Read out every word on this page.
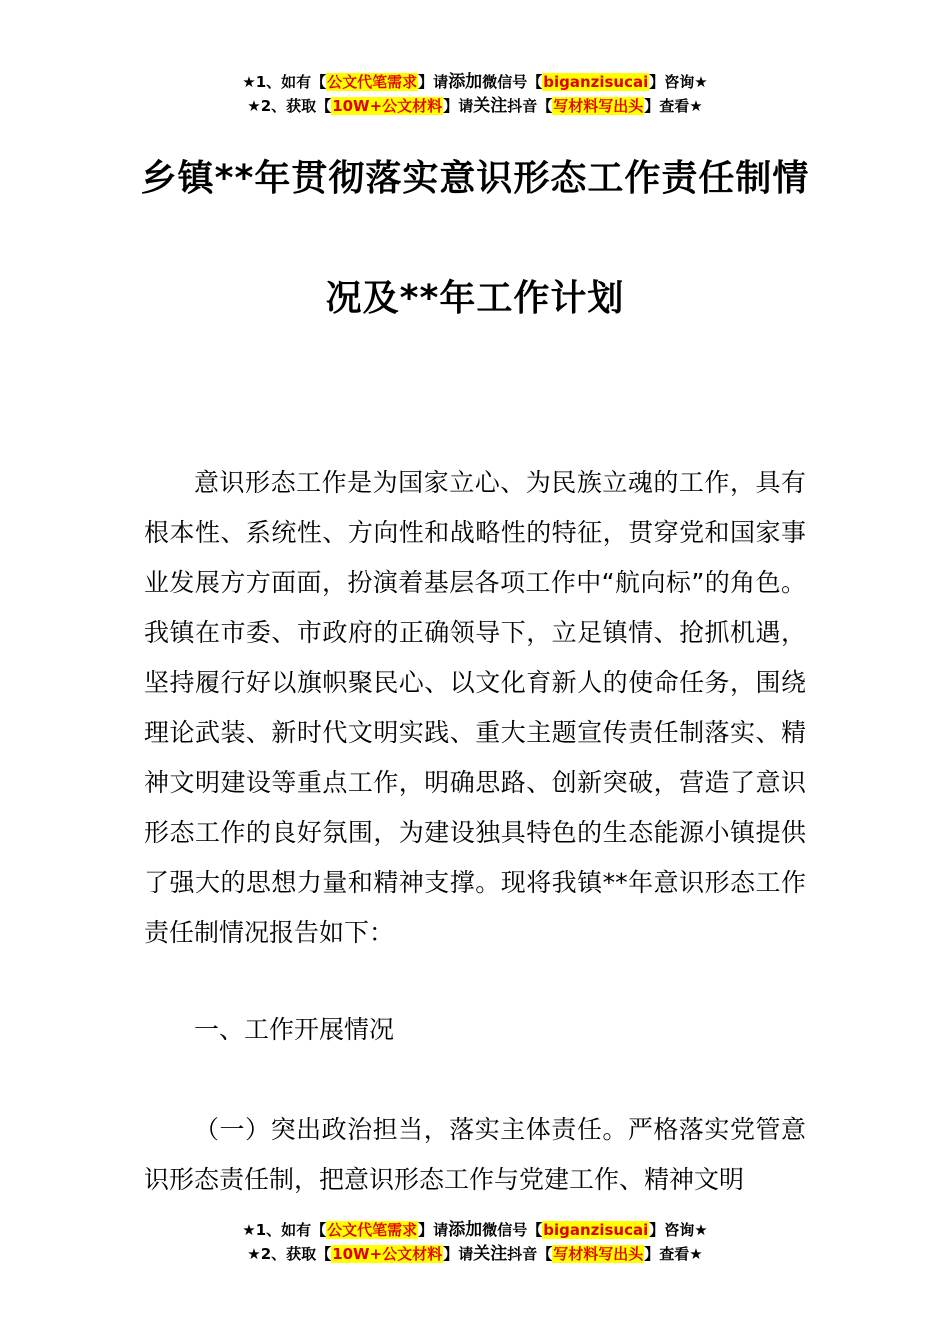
★1、如有【公文代笔需求】请添加微信号【biganzisucai】咨询★
★2、获取【10W+公文材料】请关注抖音【写材料写出头】查看★
乡镇**年贯彻落实意识形态工作责任制情
况及**年工作计划

意识形态工作是为国家立心、为民族立魂的工作，具有根本性、系统性、方向性和战略性的特征，贯穿党和国家事业发展方方面面，扮演着基层各项工作中“航向标”的角色。我镇在市委、市政府的正确领导下，立足镇情、抢抓机遇，坚持履行好以旗帜聚民心、以文化育新人的使命任务，围绕理论武装、新时代文明实践、重大主题宣传责任制落实、精神文明建设等重点工作，明确思路、创新突破，营造了意识形态工作的良好氛围，为建设独具特色的生态能源小镇提供了强大的思想力量和精神支撑。现将我镇**年意识形态工作责任制情况报告如下：

一、工作开展情况

（一）突出政治担当，落实主体责任。严格落实党管意识形态责任制，把意识形态工作与党建工作、精神文明

★1、如有【公文代笔需求】请添加微信号【biganzisucai】咨询★
★2、获取【10W+公文材料】请关注抖音【写材料写出头】查看★
